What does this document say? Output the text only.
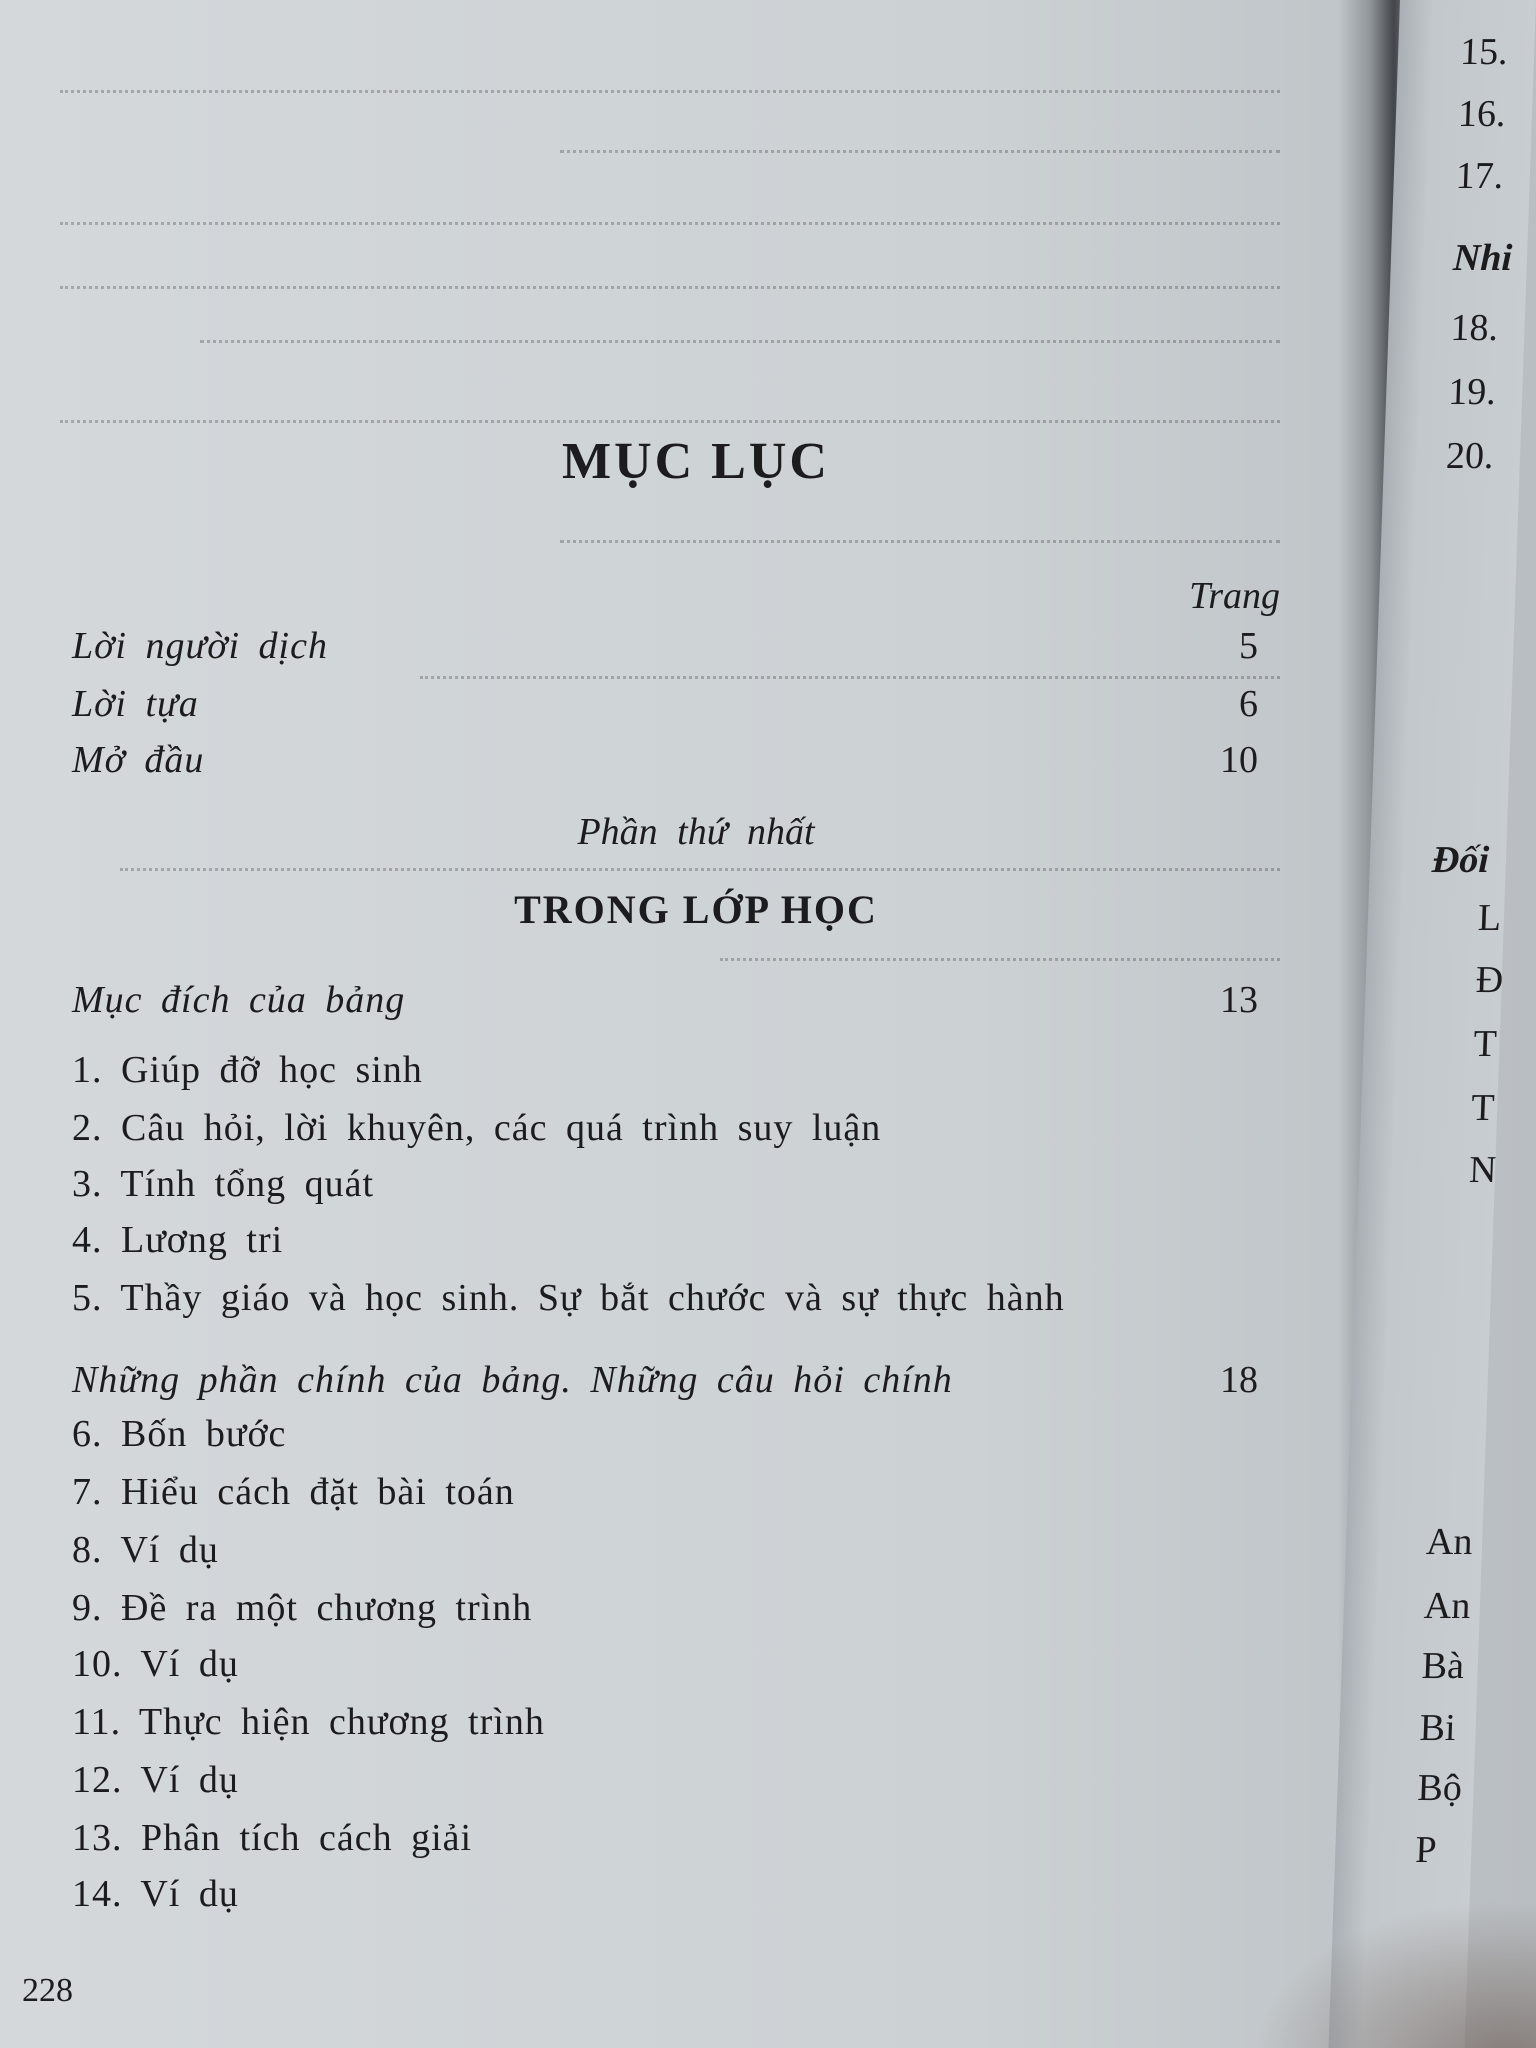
MỤC LỤC
Trang
Lời người dịch	5
Lời tựa	6
Mở đầu	10
Phần thứ nhất
TRONG LỚP HỌC
Mục đích của bảng	13
1. Giúp đỡ học sinh
2. Câu hỏi, lời khuyên, các quá trình suy luận
3. Tính tổng quát
4. Lương tri
5. Thầy giáo và học sinh. Sự bắt chước và sự thực hành
Những phần chính của bảng. Những câu hỏi chính	18
6. Bốn bước
7. Hiểu cách đặt bài toán
8. Ví dụ
9. Đề ra một chương trình
10. Ví dụ
11. Thực hiện chương trình
12. Ví dụ
13. Phân tích cách giải
14. Ví dụ
228
15.
16.
17.
Nhi
18.
19.
20.
Đối
L
Đ
T
T
N
An
An
Bà
Bi
Bộ
P
